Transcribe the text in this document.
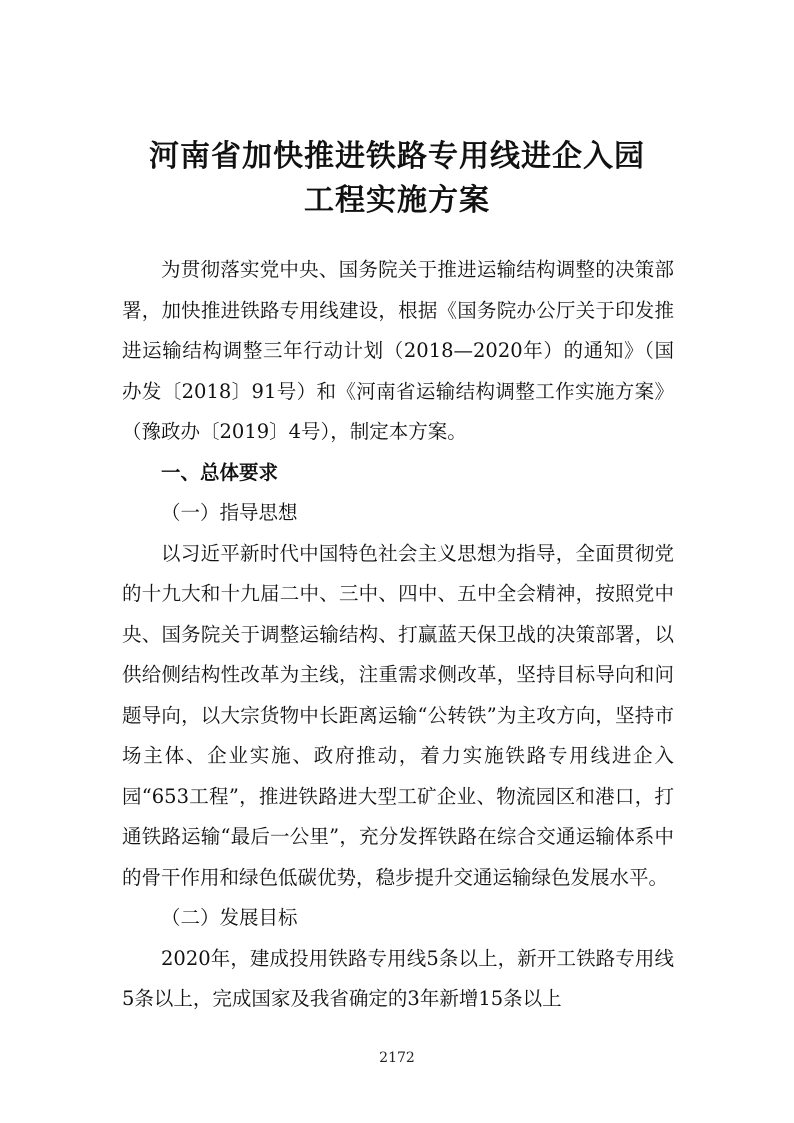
河南省加快推进铁路专用线进企入园
工程实施方案

为贯彻落实党中央、国务院关于推进运输结构调整的决策部署，加快推进铁路专用线建设，根据《国务院办公厅关于印发推进运输结构调整三年行动计划（2018—2020年）的通知》（国办发〔2018〕91号）和《河南省运输结构调整工作实施方案》（豫政办〔2019〕4号），制定本方案。

一、总体要求

（一）指导思想

以习近平新时代中国特色社会主义思想为指导，全面贯彻党的十九大和十九届二中、三中、四中、五中全会精神，按照党中央、国务院关于调整运输结构、打赢蓝天保卫战的决策部署，以供给侧结构性改革为主线，注重需求侧改革，坚持目标导向和问题导向，以大宗货物中长距离运输“公转铁”为主攻方向，坚持市场主体、企业实施、政府推动，着力实施铁路专用线进企入园“653工程”，推进铁路进大型工矿企业、物流园区和港口，打通铁路运输“最后一公里”，充分发挥铁路在综合交通运输体系中的骨干作用和绿色低碳优势，稳步提升交通运输绿色发展水平。

（二）发展目标

2020年，建成投用铁路专用线5条以上，新开工铁路专用线5条以上，完成国家及我省确定的3年新增15条以上

2172
